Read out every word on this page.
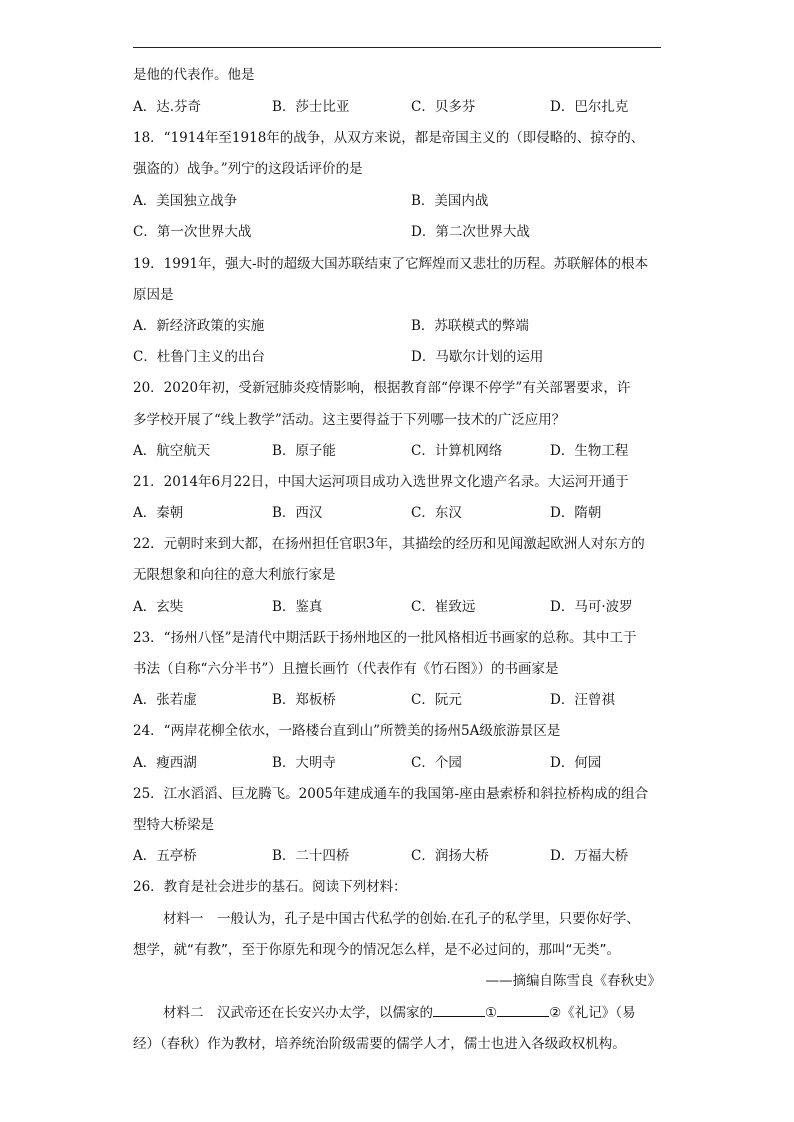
是他的代表作。他是
A．达.芬奇	B．莎士比亚	C．贝多芬	D．巴尔扎克
18．“1914年至1918年的战争，从双方来说，都是帝国主义的（即侵略的、掠夺的、
强盗的）战争。”列宁的这段话评价的是
A．美国独立战争	B．美国内战
C．第一次世界大战	D．第二次世界大战
19．1991年，强大-时的超级大国苏联结束了它辉煌而又悲壮的历程。苏联解体的根本
原因是
A．新经济政策的实施	B．苏联模式的弊端
C．杜鲁门主义的出台	D．马歇尔计划的运用
20．2020年初，受新冠肺炎疫情影响，根据教育部“停课不停学”有关部署要求，许
多学校开展了“线上教学”活动。这主要得益于下列哪一技术的广泛应用？
A．航空航天	B．原子能	C．计算机网络	D．生物工程
21．2014年6月22日，中国大运河项目成功入选世界文化遗产名录。大运河开通于
A．秦朝	B．西汉	C．东汉	D．隋朝
22．元朝时来到大都，在扬州担任官职3年，其描绘的经历和见闻激起欧洲人对东方的
无限想象和向往的意大利旅行家是
A．玄奘	B．鉴真	C．崔致远	D．马可·波罗
23．“扬州八怪”是清代中期活跃于扬州地区的一批风格相近书画家的总称。其中工于
书法（自称“六分半书”）且擅长画竹（代表作有《竹石图》）的书画家是
A．张若虚	B．郑板桥	C．阮元	D．汪曾祺
24．“两岸花柳全依水，一路楼台直到山”所赞美的扬州5A级旅游景区是
A．瘦西湖	B．大明寺	C．个园	D．何园
25．江水滔滔、巨龙腾飞。2005年建成通车的我国第-座由悬索桥和斜拉桥构成的组合
型特大桥梁是
A．五亭桥	B．二十四桥	C．润扬大桥	D．万福大桥
26．教育是社会进步的基石。阅读下列材料：
材料一　一般认为，孔子是中国古代私学的创始.在孔子的私学里，只要你好学、
想学，就“有教”，至于你原先和现今的情况怎么样，是不必过问的，那叫“无类”。
——摘编自陈雪良《春秋史》
材料二　汉武帝还在长安兴办太学，以儒家的	①	②《礼记》（易
经）（春秋）作为教材，培养统治阶级需要的儒学人才，儒士也进入各级政权机构。
